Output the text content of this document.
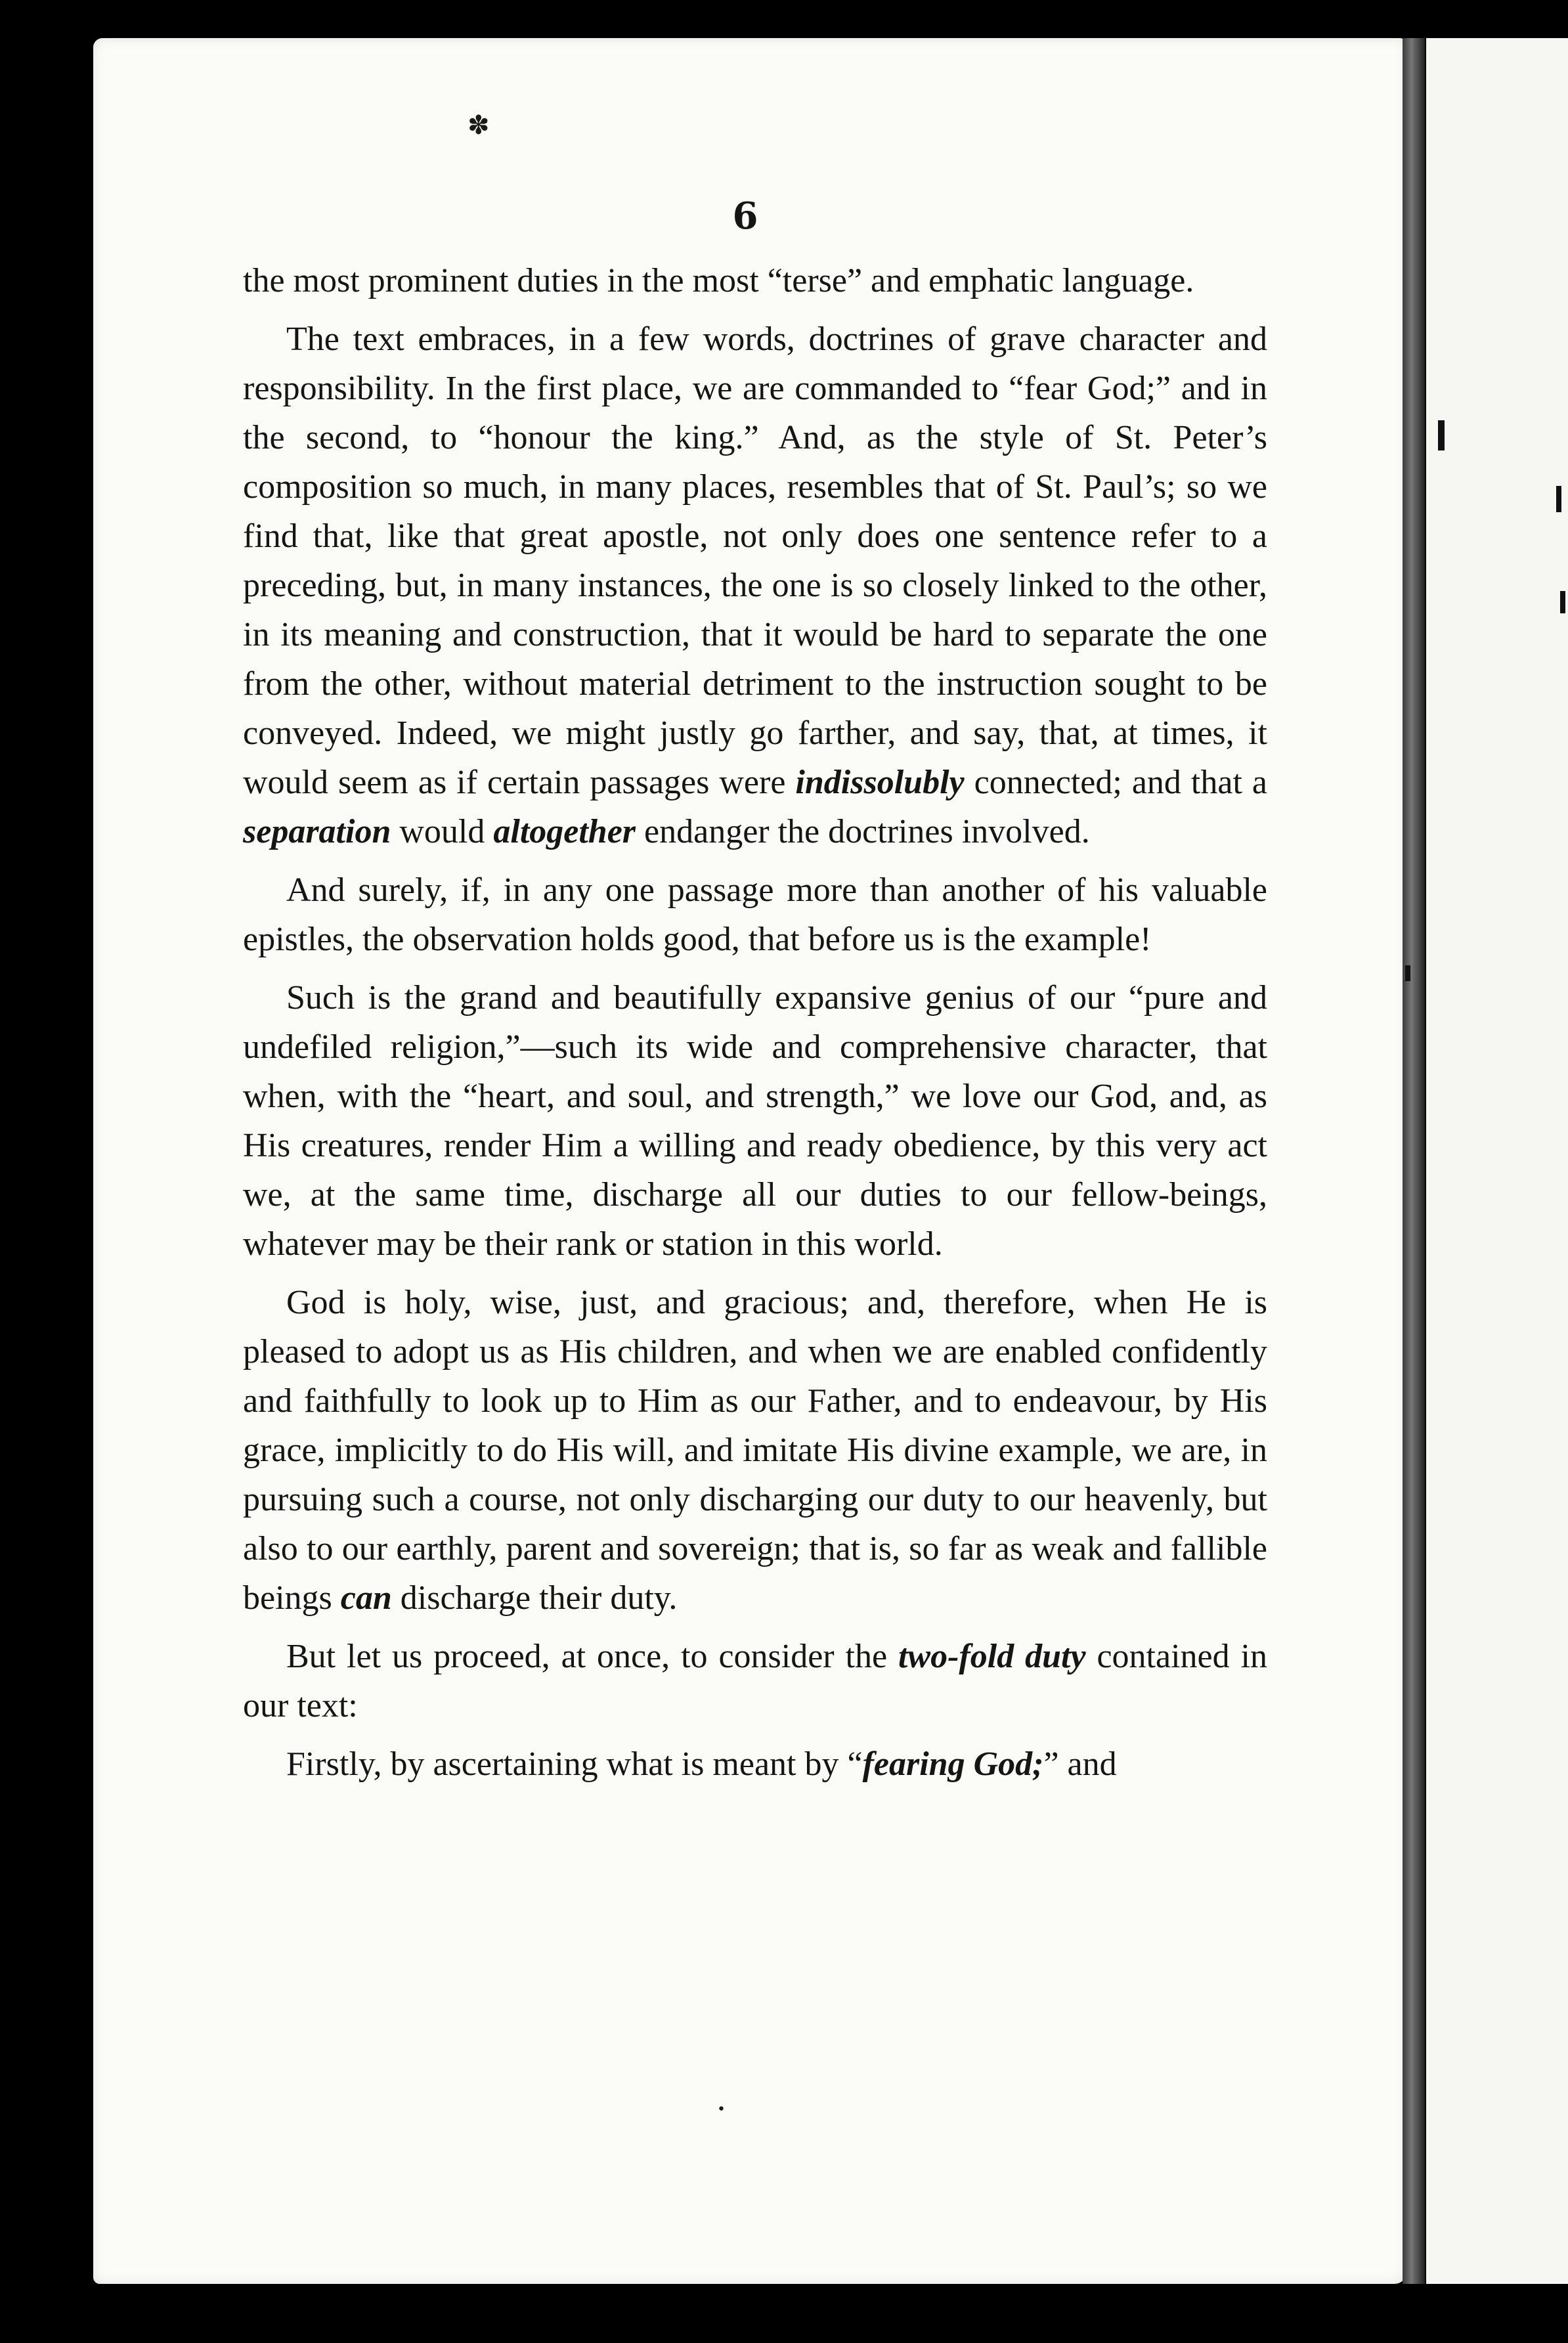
✽
•
6

the most prominent duties in the most “terse” and emphatic language.

The text embraces, in a few words, doctrines of grave character and responsibility. In the first place, we are commanded to “fear God;” and in the second, to “honour the king.” And, as the style of St. Peter’s composition so much, in many places, resembles that of St. Paul’s; so we find that, like that great apostle, not only does one sentence refer to a preceding, but, in many instances, the one is so closely linked to the other, in its meaning and construction, that it would be hard to separate the one from the other, without material detriment to the instruction sought to be conveyed. Indeed, we might justly go farther, and say, that, at times, it would seem as if certain passages were indissolubly connected; and that a separation would altogether endanger the doctrines involved.

And surely, if, in any one passage more than another of his valuable epistles, the observation holds good, that before us is the example!

Such is the grand and beautifully expansive genius of our “pure and undefiled religion,”—such its wide and comprehensive character, that when, with the “heart, and soul, and strength,” we love our God, and, as His creatures, render Him a willing and ready obedience, by this very act we, at the same time, discharge all our duties to our fellow-beings, whatever may be their rank or station in this world.

God is holy, wise, just, and gracious; and, therefore, when He is pleased to adopt us as His children, and when we are enabled confidently and faithfully to look up to Him as our Father, and to endeavour, by His grace, implicitly to do His will, and imitate His divine example, we are, in pursuing such a course, not only discharging our duty to our heavenly, but also to our earthly, parent and sovereign; that is, so far as weak and fallible beings can discharge their duty.

But let us proceed, at once, to consider the two-fold duty contained in our text:

Firstly, by ascertaining what is meant by “fearing God;” and
